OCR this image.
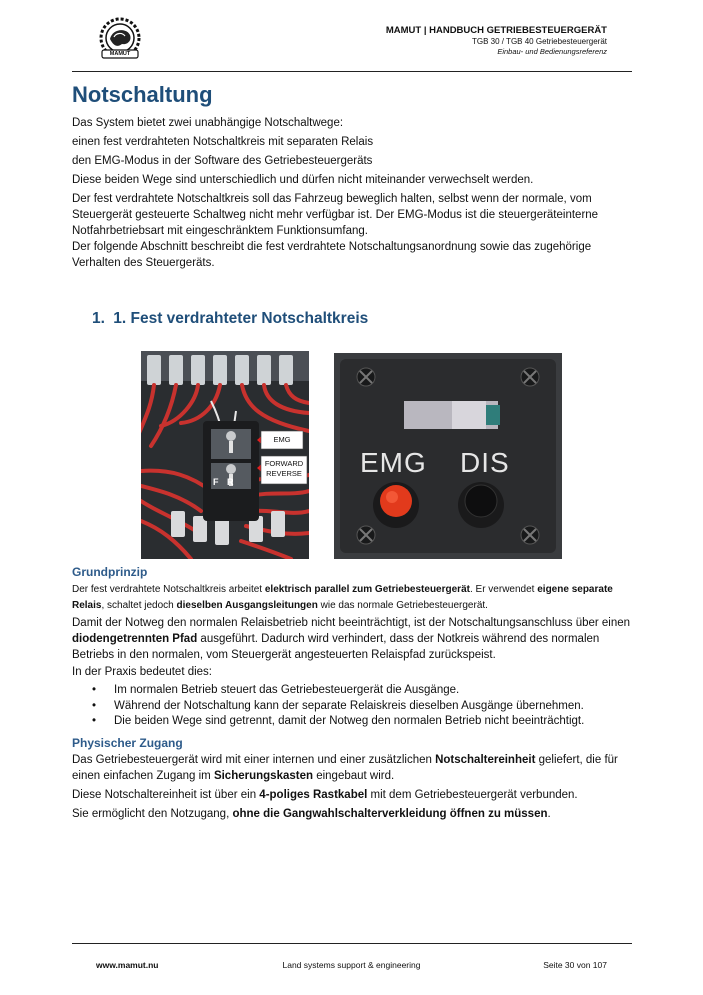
MAMUT
MAMUT | HANDBUCH GETRIEBESTEUERGERÄT
TGB 30 / TGB 40 Getriebesteuergerät
Einbau- und Bedienungsreferenz
Notschaltung
Das System bietet zwei unabhängige Notschaltwege:
einen fest verdrahteten Notschaltkreis mit separaten Relais
den EMG-Modus in der Software des Getriebesteuergeräts
Diese beiden Wege sind unterschiedlich und dürfen nicht miteinander verwechselt werden.
Der fest verdrahtete Notschaltkreis soll das Fahrzeug beweglich halten, selbst wenn der normale, vom Steuergerät gesteuerte Schaltweg nicht mehr verfügbar ist. Der EMG-Modus ist die steuergeräteinterne Notfahrbetriebsart mit eingeschränktem Funktionsumfang.
Der folgende Abschnitt beschreibt die fest verdrahtete Notschaltungsanordnung sowie das zugehörige Verhalten des Steuergeräts.
1. 1. Fest verdrahteter Notschaltkreis
F R
EMG
FORWARD
REVERSE EMG DIS
Grundprinzip
Der fest verdrahtete Notschaltkreis arbeitet elektrisch parallel zum Getriebesteuergerät. Er verwendet eigene separate Relais, schaltet jedoch dieselben Ausgangsleitungen wie das normale Getriebesteuergerät.
Damit der Notweg den normalen Relaisbetrieb nicht beeinträchtigt, ist der Notschaltungsanschluss über einen diodengetrennten Pfad ausgeführt. Dadurch wird verhindert, dass der Notkreis während des normalen Betriebs in den normalen, vom Steuergerät angesteuerten Relaispfad zurückspeist.
In der Praxis bedeutet dies:
• Im normalen Betrieb steuert das Getriebesteuergerät die Ausgänge.
• Während der Notschaltung kann der separate Relaiskreis dieselben Ausgänge übernehmen.
• Die beiden Wege sind getrennt, damit der Notweg den normalen Betrieb nicht beeinträchtigt.
Physischer Zugang
Das Getriebesteuergerät wird mit einer internen und einer zusätzlichen Notschaltereinheit geliefert, die für einen einfachen Zugang im Sicherungskasten eingebaut wird.
Diese Notschaltereinheit ist über ein 4-poliges Rastkabel mit dem Getriebesteuergerät verbunden.
Sie ermöglicht den Notzugang, ohne die Gangwahlschalterverkleidung öffnen zu müssen.
www.mamut.nu	Land systems support & engineering	Seite 30 von 107
